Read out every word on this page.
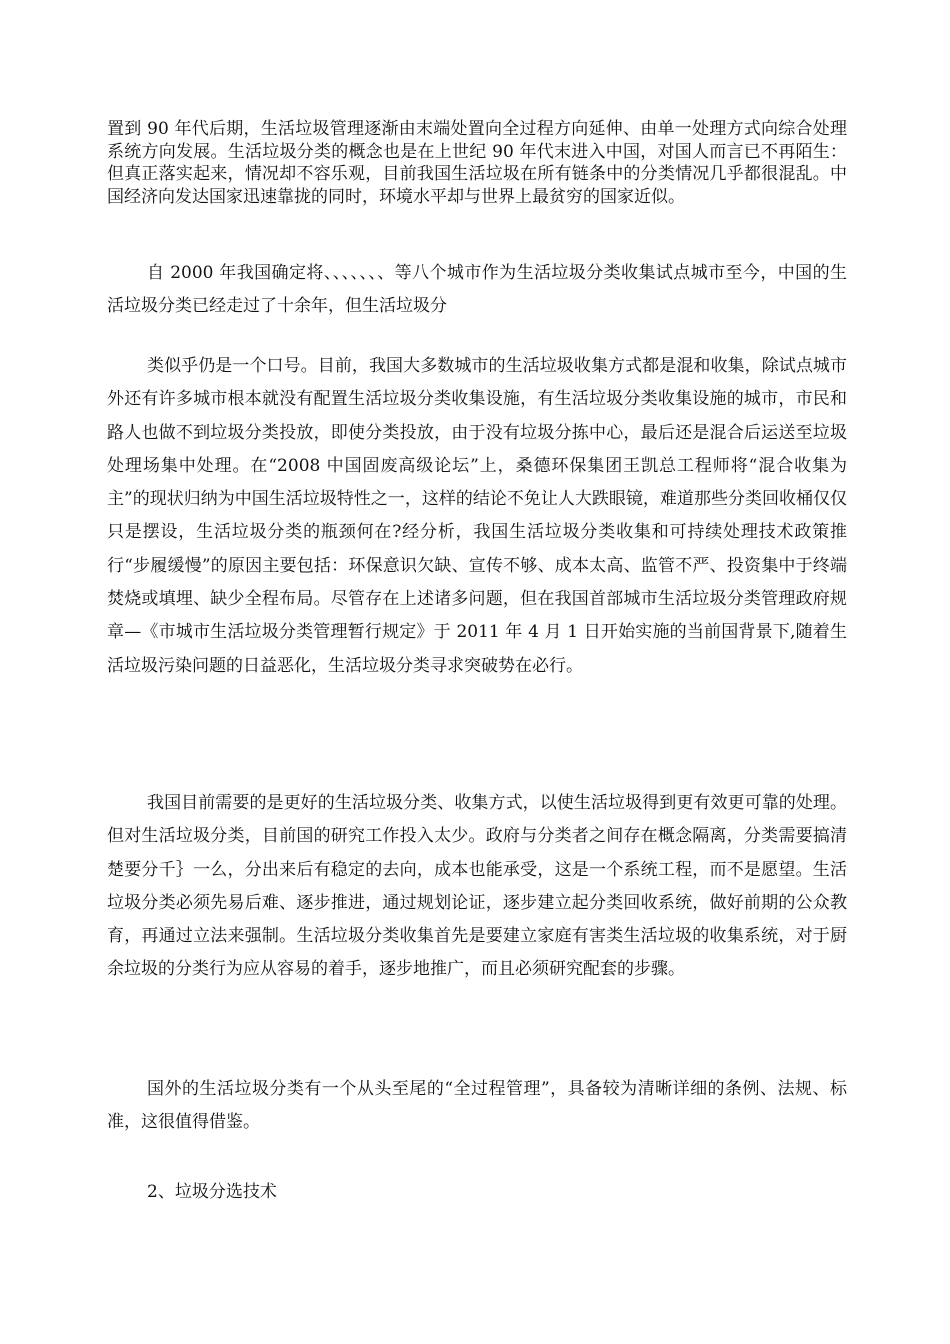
置到 90 年代后期，生活垃圾管理逐渐由末端处置向全过程方向延伸、由单一处理方式向综合处理系统方向发展。生活垃圾分类的概念也是在上世纪 90 年代末进入中国，对国人而言已不再陌生：但真正落实起来，情况却不容乐观，目前我国生活垃圾在所有链条中的分类情况几乎都很混乱。中国经济向发达国家迅速靠拢的同时，环境水平却与世界上最贫穷的国家近似。

自 2000 年我国确定将、、、、、、、等八个城市作为生活垃圾分类收集试点城市至今，中国的生活垃圾分类已经走过了十余年，但生活垃圾分

类似乎仍是一个口号。目前，我国大多数城市的生活垃圾收集方式都是混和收集，除试点城市外还有许多城市根本就没有配置生活垃圾分类收集设施，有生活垃圾分类收集设施的城市，市民和路人也做不到垃圾分类投放，即使分类投放，由于没有垃圾分拣中心，最后还是混合后运送至垃圾处理场集中处理。在“2008 中国固废高级论坛”上，桑德环保集团王凯总工程师将“混合收集为主”的现状归纳为中国生活垃圾特性之一，这样的结论不免让人大跌眼镜，难道那些分类回收桶仅仅只是摆设，生活垃圾分类的瓶颈何在?经分析，我国生活垃圾分类收集和可持续处理技术政策推行“步履缓慢”的原因主要包括：环保意识欠缺、宣传不够、成本太高、监管不严、投资集中于终端焚烧或填埋、缺少全程布局。尽管存在上述诸多问题，但在我国首部城市生活垃圾分类管理政府规章—《市城市生活垃圾分类管理暂行规定》于 2011 年 4 月 1 日开始实施的当前国背景下,随着生活垃圾污染问题的日益恶化，生活垃圾分类寻求突破势在必行。

我国目前需要的是更好的生活垃圾分类、收集方式，以使生活垃圾得到更有效更可靠的处理。但对生活垃圾分类，目前国的研究工作投入太少。政府与分类者之间存在概念隔离，分类需要搞清楚要分千｝一么，分出来后有稳定的去向，成本也能承受，这是一个系统工程，而不是愿望。生活垃圾分类必须先易后难、逐步推进，通过规划论证，逐步建立起分类回收系统，做好前期的公众教育，再通过立法来强制。生活垃圾分类收集首先是要建立家庭有害类生活垃圾的收集系统，对于厨余垃圾的分类行为应从容易的着手，逐步地推广，而且必须研究配套的步骤。

国外的生活垃圾分类有一个从头至尾的“全过程管理”，具备较为清晰详细的条例、法规、标准，这很值得借鉴。

2、垃圾分选技术
